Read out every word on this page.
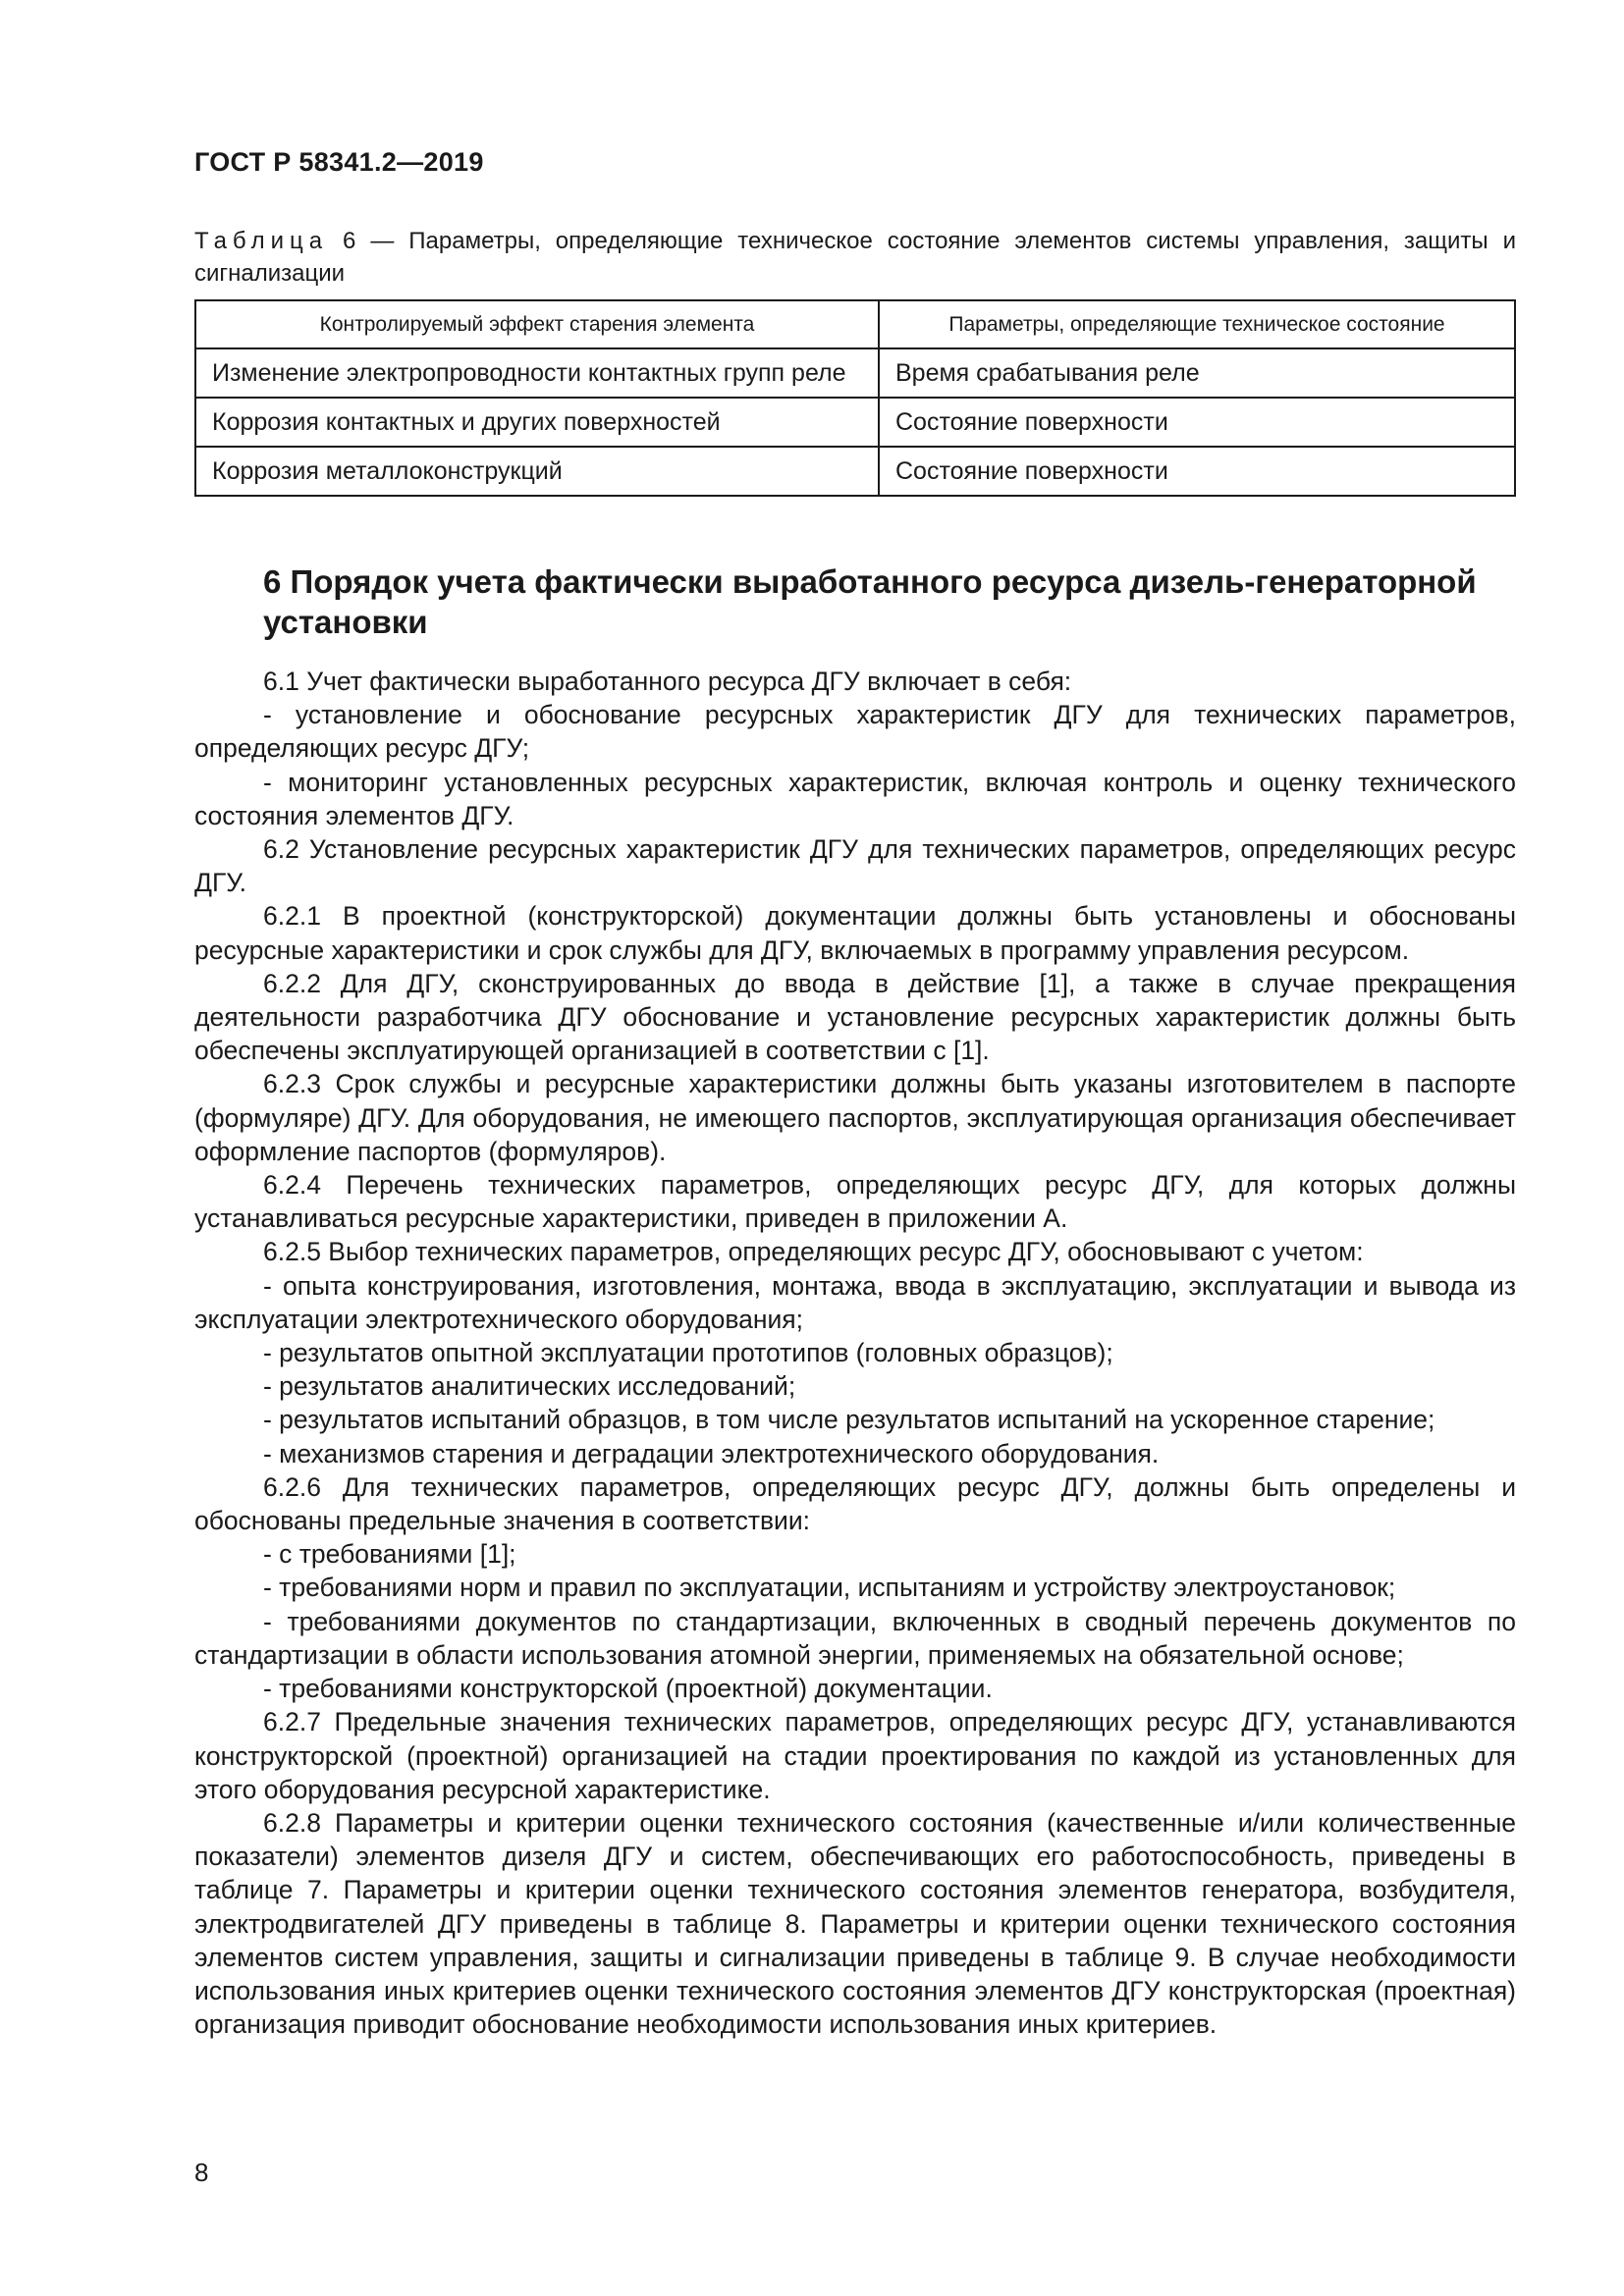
ГОСТ Р 58341.2—2019
Таблица 6 — Параметры, определяющие техническое состояние элементов системы управления, защиты и сигнализации
Контролируемый эффект старения элемента	Параметры, определяющие техническое состояние
Изменение электропроводности контактных групп реле	Время срабатывания реле
Коррозия контактных и других поверхностей	Состояние поверхности
Коррозия металлоконструкций	Состояние поверхности
6 Порядок учета фактически выработанного ресурса дизель-генераторной установки

6.1 Учет фактически выработанного ресурса ДГУ включает в себя:

- установление и обоснование ресурсных характеристик ДГУ для технических параметров, определяющих ресурс ДГУ;

- мониторинг установленных ресурсных характеристик, включая контроль и оценку технического состояния элементов ДГУ.

6.2 Установление ресурсных характеристик ДГУ для технических параметров, определяющих ресурс ДГУ.

6.2.1 В проектной (конструкторской) документации должны быть установлены и обоснованы ресурсные характеристики и срок службы для ДГУ, включаемых в программу управления ресурсом.

6.2.2 Для ДГУ, сконструированных до ввода в действие [1], а также в случае прекращения деятельности разработчика ДГУ обоснование и установление ресурсных характеристик должны быть обеспечены эксплуатирующей организацией в соответствии с [1].

6.2.3 Срок службы и ресурсные характеристики должны быть указаны изготовителем в паспорте (формуляре) ДГУ. Для оборудования, не имеющего паспортов, эксплуатирующая организация обеспечивает оформление паспортов (формуляров).

6.2.4 Перечень технических параметров, определяющих ресурс ДГУ, для которых должны устанавливаться ресурсные характеристики, приведен в приложении А.

6.2.5 Выбор технических параметров, определяющих ресурс ДГУ, обосновывают с учетом:

- опыта конструирования, изготовления, монтажа, ввода в эксплуатацию, эксплуатации и вывода из эксплуатации электротехнического оборудования;

- результатов опытной эксплуатации прототипов (головных образцов);

- результатов аналитических исследований;

- результатов испытаний образцов, в том числе результатов испытаний на ускоренное старение;

- механизмов старения и деградации электротехнического оборудования.

6.2.6 Для технических параметров, определяющих ресурс ДГУ, должны быть определены и обоснованы предельные значения в соответствии:

- с требованиями [1];

- требованиями норм и правил по эксплуатации, испытаниям и устройству электроустановок;

- требованиями документов по стандартизации, включенных в сводный перечень документов по стандартизации в области использования атомной энергии, применяемых на обязательной основе;

- требованиями конструкторской (проектной) документации.

6.2.7 Предельные значения технических параметров, определяющих ресурс ДГУ, устанавливаются конструкторской (проектной) организацией на стадии проектирования по каждой из установленных для этого оборудования ресурсной характеристике.

6.2.8 Параметры и критерии оценки технического состояния (качественные и/или количественные показатели) элементов дизеля ДГУ и систем, обеспечивающих его работоспособность, приведены в таблице 7. Параметры и критерии оценки технического состояния элементов генератора, возбудителя, электродвигателей ДГУ приведены в таблице 8. Параметры и критерии оценки технического состояния элементов систем управления, защиты и сигнализации приведены в таблице 9. В случае необходимости использования иных критериев оценки технического состояния элементов ДГУ конструкторская (проектная) организация приводит обоснование необходимости использования иных критериев.

8
